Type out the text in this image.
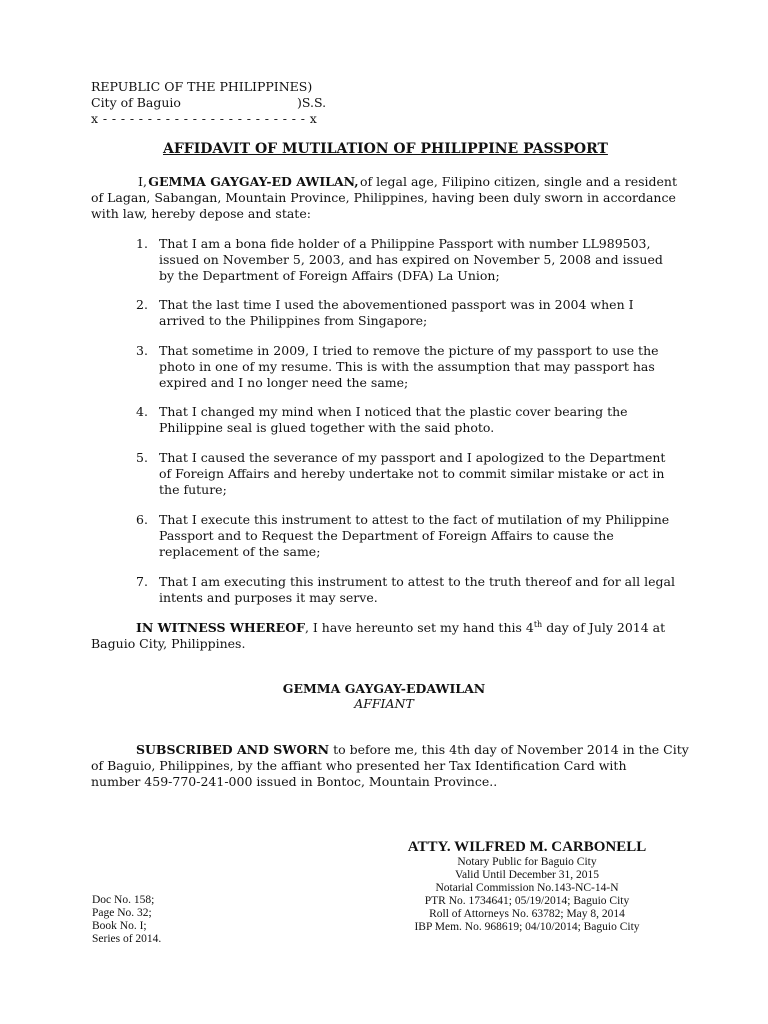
REPUBLIC OF THE PHILIPPINES)
City of Baguio	)S.S.
x - - - - - - - - - - - - - - - - - - - - - - - x
AFFIDAVIT OF MUTILATION OF PHILIPPINE PASSPORT
I, GEMMA GAYGAY-ED AWILAN, of legal age, Filipino citizen, single and a resident
of Lagan, Sabangan, Mountain Province, Philippines, having been duly sworn in accordance
with law, hereby depose and state:
1. That I am a bona fide holder of a Philippine Passport with number LL989503,
issued on November 5, 2003, and has expired on November 5, 2008 and issued
by the Department of Foreign Affairs (DFA) La Union;
2. That the last time I used the abovementioned passport was in 2004 when I
arrived to the Philippines from Singapore;
3. That sometime in 2009, I tried to remove the picture of my passport to use the
photo in one of my resume. This is with the assumption that may passport has
expired and I no longer need the same;
4. That I changed my mind when I noticed that the plastic cover bearing the
Philippine seal is glued together with the said photo.
5. That I caused the severance of my passport and I apologized to the Department
of Foreign Affairs and hereby undertake not to commit similar mistake or act in
the future;
6. That I execute this instrument to attest to the fact of mutilation of my Philippine
Passport and to Request the Department of Foreign Affairs to cause the
replacement of the same;
7. That I am executing this instrument to attest to the truth thereof and for all legal
intents and purposes it may serve.
IN WITNESS WHEREOF, I have hereunto set my hand this 4th day of July 2014 at
Baguio City, Philippines.
GEMMA GAYGAY-EDAWILAN
AFFIANT
SUBSCRIBED AND SWORN to before me, this 4th day of November 2014 in the City
of Baguio, Philippines, by the affiant who presented her Tax Identification Card with
number 459-770-241-000 issued in Bontoc, Mountain Province..
ATTY. WILFRED M. CARBONELL
Notary Public for Baguio City
Valid Until December 31, 2015
Notarial Commission No.143-NC-14-N
PTR No. 1734641; 05/19/2014; Baguio City
Roll of Attorneys No. 63782; May 8, 2014
IBP Mem. No. 968619; 04/10/2014; Baguio City
Doc No. 158;
Page No. 32;
Book No. I;
Series of 2014.
